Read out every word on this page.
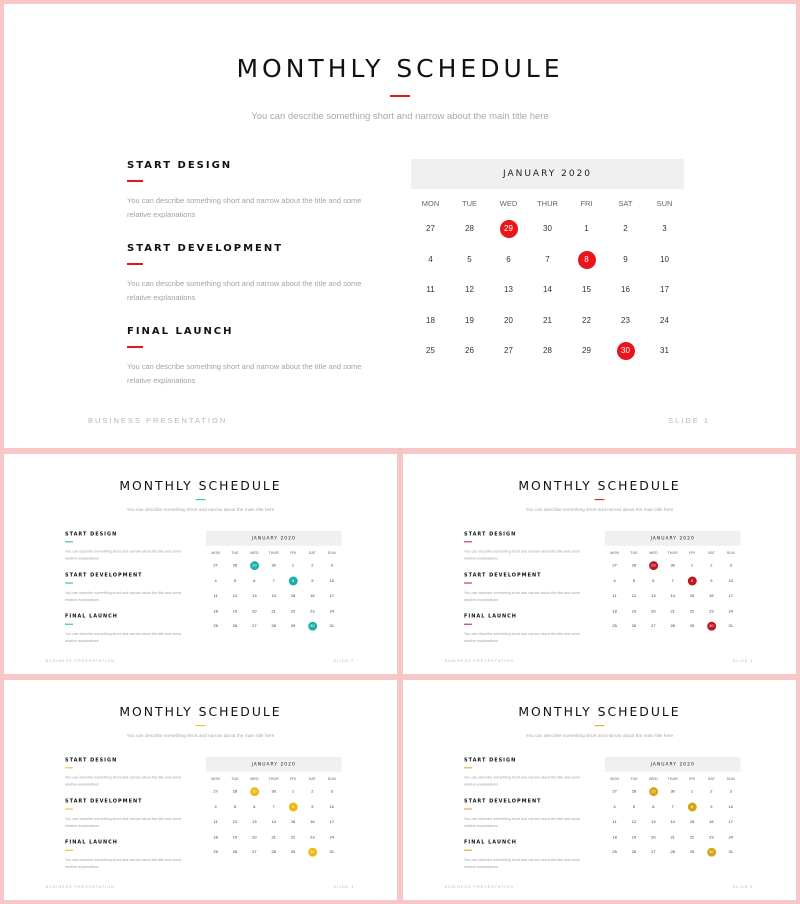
MONTHLY SCHEDULE
You can describe something short and narrow about the main title here
START DESIGN
You can describe something short and narrow about the title and some relative explanations
START DEVELOPMENT
You can describe something short and narrow about the title and some relative explanations
FINAL LAUNCH
You can describe something short and narrow about the title and some relative explanations
JANUARY 2020
MON	TUE	WED	THUR	FRI	SAT	SUN
27	28	29	30	1	2	3
4	5	6	7	8	9	10
11	12	13	14	15	16	17
18	19	20	21	22	23	24
25	26	27	28	29	30	31
BUSINESS PRESENTATION	SLIDE 1
MONTHLY SCHEDULE
You can describe something short and narrow about the main title here
START DESIGN
You can describe something short and narrow about the title and some relative explanations
START DEVELOPMENT
You can describe something short and narrow about the title and some relative explanations
FINAL LAUNCH
You can describe something short and narrow about the title and some relative explanations
JANUARY 2020
MON	TUE	WED	THUR	FRI	SAT	SUN
27	28	29	30	1	2	3
4	5	6	7	8	9	10
11	12	13	14	15	16	17
18	19	20	21	22	23	24
25	26	27	28	29	30	31
BUSINESS PRESENTATION	SLIDE 2
MONTHLY SCHEDULE
You can describe something short and narrow about the main title here
START DESIGN
You can describe something short and narrow about the title and some relative explanations
START DEVELOPMENT
You can describe something short and narrow about the title and some relative explanations
FINAL LAUNCH
You can describe something short and narrow about the title and some relative explanations
JANUARY 2020
MON	TUE	WED	THUR	FRI	SAT	SUN
27	28	29	30	1	2	3
4	5	6	7	8	9	10
11	12	13	14	15	16	17
18	19	20	21	22	23	24
25	26	27	28	29	30	31
BUSINESS PRESENTATION	SLIDE 3
MONTHLY SCHEDULE
You can describe something short and narrow about the main title here
START DESIGN
You can describe something short and narrow about the title and some relative explanations
START DEVELOPMENT
You can describe something short and narrow about the title and some relative explanations
FINAL LAUNCH
You can describe something short and narrow about the title and some relative explanations
JANUARY 2020
MON	TUE	WED	THUR	FRI	SAT	SUN
27	28	29	30	1	2	3
4	5	6	7	8	9	10
11	12	13	14	15	16	17
18	19	20	21	22	23	24
25	26	27	28	29	30	31
BUSINESS PRESENTATION	SLIDE 4
MONTHLY SCHEDULE
You can describe something short and narrow about the main title here
START DESIGN
You can describe something short and narrow about the title and some relative explanations
START DEVELOPMENT
You can describe something short and narrow about the title and some relative explanations
FINAL LAUNCH
You can describe something short and narrow about the title and some relative explanations
JANUARY 2020
MON	TUE	WED	THUR	FRI	SAT	SUN
27	28	29	30	1	2	3
4	5	6	7	8	9	10
11	12	13	14	15	16	17
18	19	20	21	22	23	24
25	26	27	28	29	30	31
BUSINESS PRESENTATION	SLIDE 5
